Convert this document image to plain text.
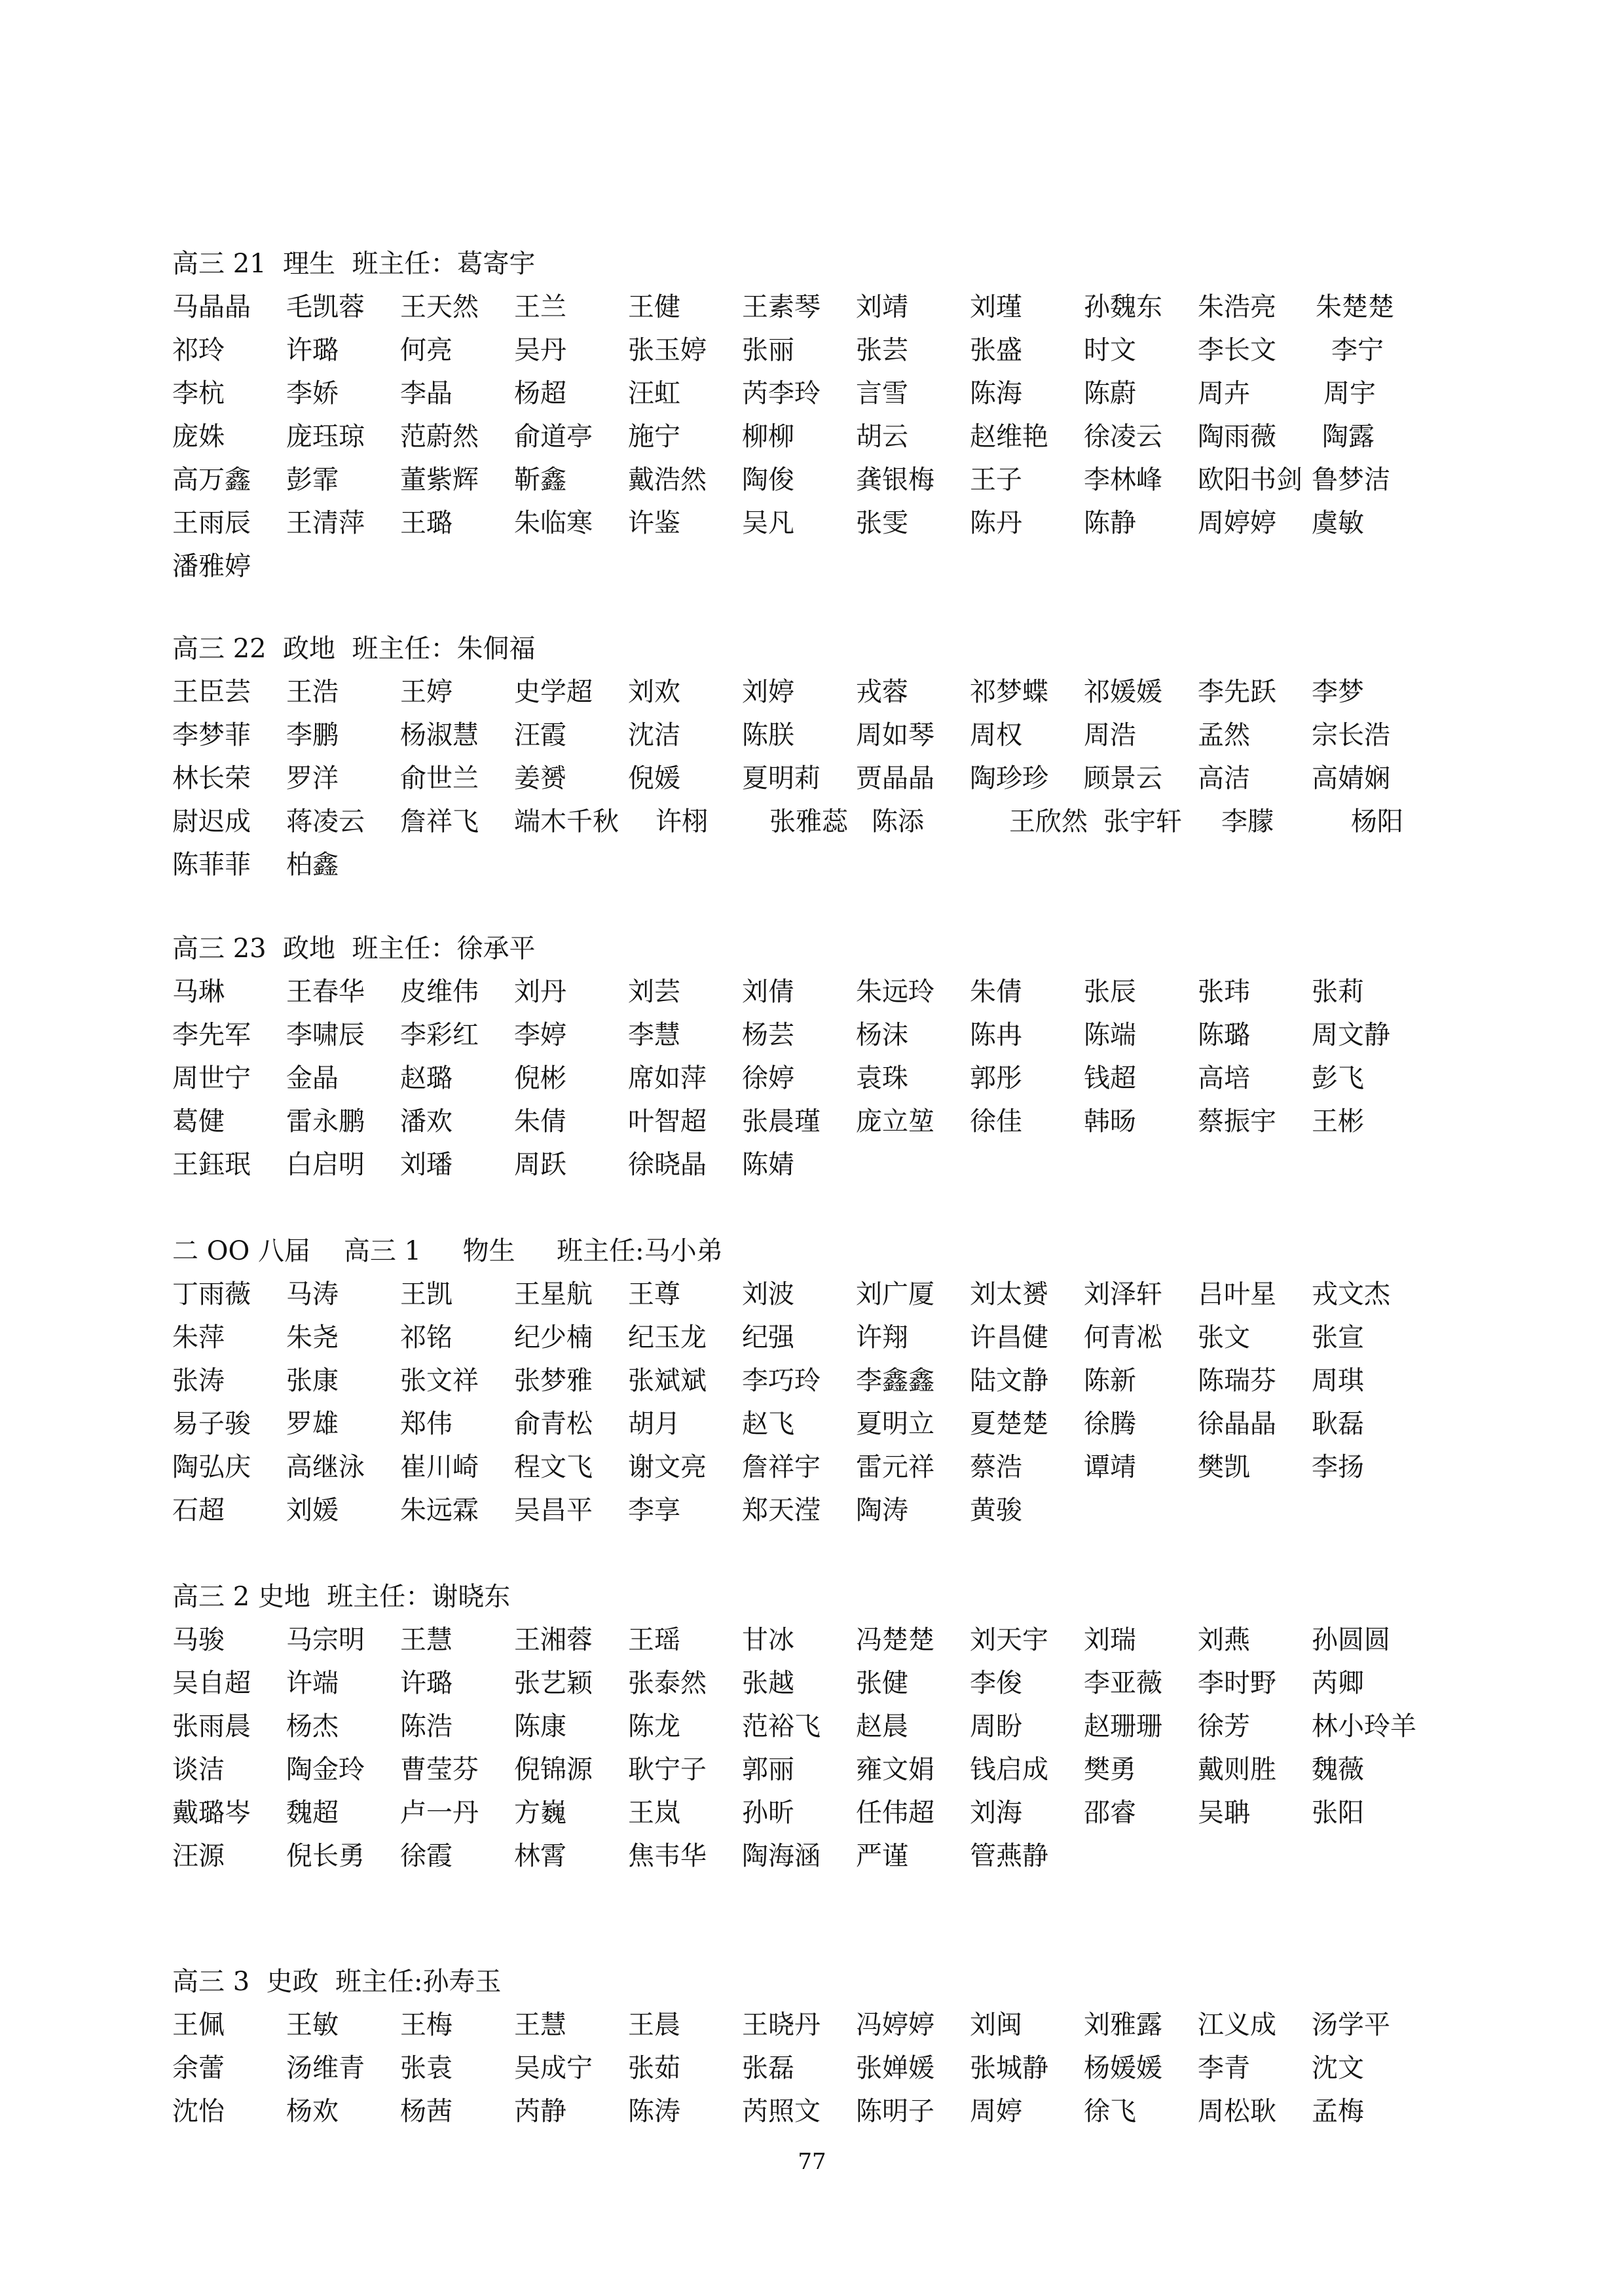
高三 21  理生  班主任：葛寄宇
马晶晶 毛凯蓉 王天然 王兰 王健 王素琴 刘靖 刘瑾 孙魏东 朱浩亮 朱楚楚
祁玲 许璐 何亮 吴丹 张玉婷 张丽 张芸 张盛 时文 李长文 李宁
李杭 李娇 李晶 杨超 汪虹 芮李玲 言雪 陈海 陈蔚 周卉	周宇
庞姝 庞珏琼 范蔚然 俞道亭 施宁 柳柳 胡云 赵维艳 徐凌云 陶雨薇 陶露
高万鑫 彭霏 董紫辉 靳鑫 戴浩然 陶俊 龚银梅 王子 李林峰 欧阳书剑 鲁梦洁
王雨辰 王清萍 王璐 朱临寒 许鉴 吴凡 张雯 陈丹 陈静 周婷婷 虞敏
潘雅婷
高三 22  政地  班主任：朱侗福
王臣芸 王浩 王婷 史学超 刘欢 刘婷 戎蓉 祁梦蝶 祁媛媛 李先跃 李梦
李梦菲 李鹏 杨淑慧 汪霞 沈洁 陈朕 周如琴 周权 周浩 孟然 宗长浩
林长荣 罗洋 俞世兰 姜赟 倪媛 夏明莉 贾晶晶 陶珍珍 顾景云 高洁 高婧娴
尉迟成 蒋凌云 詹祥飞 端木千秋 许栩 张雅蕊 陈添	王欣然 张宇轩 李朦	杨阳
陈菲菲 柏鑫
高三 23  政地  班主任：徐承平
马琳 王春华 皮维伟 刘丹 刘芸 刘倩 朱远玲 朱倩 张辰 张玮 张莉
李先军 李啸辰 李彩红 李婷 李慧 杨芸 杨沫 陈冉 陈端 陈璐 周文静
周世宁 金晶 赵璐 倪彬 席如萍 徐婷 袁珠 郭彤 钱超 高培 彭飞
葛健 雷永鹏 潘欢 朱倩 叶智超 张晨瑾 庞立堃 徐佳 韩旸 蔡振宇 王彬
王鈺珉 白启明 刘璠 周跃 徐晓晶 陈婧
二 OO 八届    高三 1     物生     班主任:马小弟
丁雨薇 马涛 王凯 王星航 王尊 刘波 刘广厦 刘太赟 刘泽轩 吕叶星 戎文杰
朱萍 朱尧 祁铭 纪少楠 纪玉龙 纪强 许翔 许昌健 何青凇 张文 张宣
张涛 张康 张文祥 张梦雅 张斌斌 李巧玲 李鑫鑫 陆文静 陈新 陈瑞芬 周琪
易子骏 罗雄 郑伟 俞青松 胡月 赵飞 夏明立 夏楚楚 徐腾 徐晶晶 耿磊
陶弘庆 高继泳 崔川崎 程文飞 谢文亮 詹祥宇 雷元祥 蔡浩 谭靖 樊凯 李扬
石超 刘媛 朱远霖 吴昌平 李享 郑天滢 陶涛 黄骏
高三 2 史地  班主任：谢晓东
马骏 马宗明 王慧 王湘蓉 王瑶 甘冰 冯楚楚 刘天宇 刘瑞 刘燕 孙圆圆
吴自超 许端 许璐 张艺颖 张泰然 张越 张健 李俊 李亚薇 李时野 芮卿
张雨晨 杨杰 陈浩 陈康 陈龙 范裕飞 赵晨 周盼 赵珊珊 徐芳 林小玲羊
谈洁 陶金玲 曹莹芬 倪锦源 耿宁子 郭丽 雍文娟 钱启成 樊勇 戴则胜 魏薇
戴璐岑 魏超 卢一丹 方巍 王岚 孙昕 任伟超 刘海 邵睿 吴聃 张阳
汪源 倪长勇 徐霞 林霄 焦韦华 陶海涵 严谨 管燕静
高三 3  史政  班主任:孙寿玉
王佩 王敏 王梅 王慧 王晨 王晓丹 冯婷婷 刘闽 刘雅露 江义成 汤学平
余蕾 汤维青 张袁 吴成宁 张茹 张磊 张婵媛 张城静 杨媛媛 李青 沈文
沈怡 杨欢 杨茜 芮静 陈涛 芮照文 陈明子 周婷 徐飞 周松耿 孟梅
77
